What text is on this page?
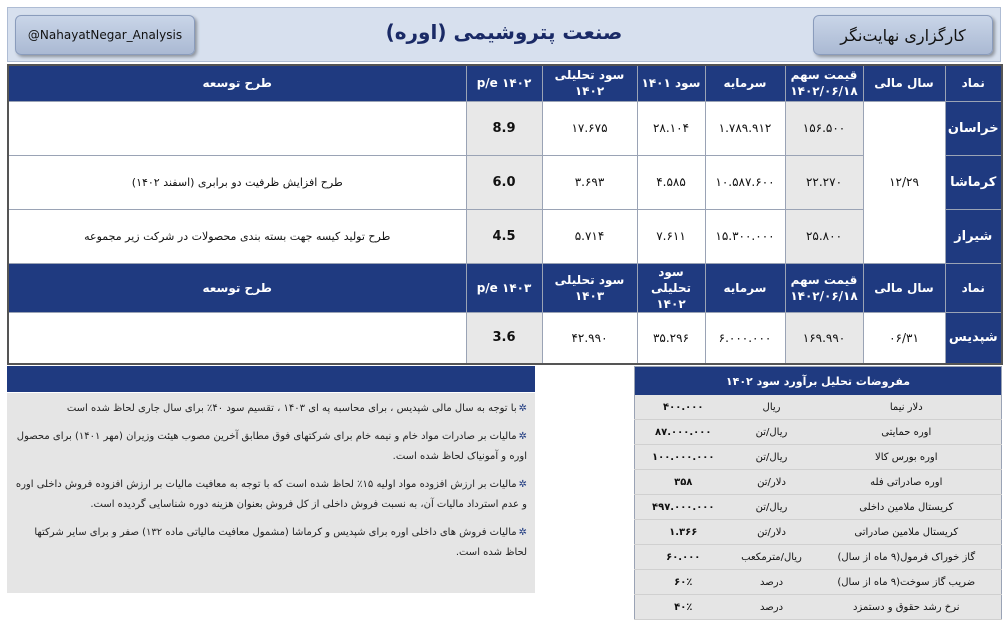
صنعت پتروشیمی (اوره)
@NahayatNegar_Analysis	کارگزاری نهایت‌نگر
نماد	سال مالی	قیمت سهم ۱۴۰۲/۰۶/۱۸	سرمایه	سود ۱۴۰۱	سود تحلیلی ۱۴۰۲	p/e ۱۴۰۲	طرح توسعه
خراسان	۱۲/۲۹	۱۵۶.۵۰۰	۱.۷۸۹.۹۱۲	۲۸.۱۰۴	۱۷.۶۷۵	8.9	
کرماشا		۲۲.۲۷۰	۱۰.۵۸۷.۶۰۰	۴.۵۸۵	۳.۶۹۳	6.0	طرح افزایش ظرفیت دو برابری (اسفند ۱۴۰۲)
شیراز		۲۵.۸۰۰	۱۵.۳۰۰.۰۰۰	۷.۶۱۱	۵.۷۱۴	4.5	طرح تولید کیسه جهت بسته بندی محصولات در شرکت زیر مجموعه
نماد	سال مالی	قیمت سهم ۱۴۰۲/۰۶/۱۸	سرمایه	سود تحلیلی ۱۴۰۲	سود تحلیلی ۱۴۰۳	p/e ۱۴۰۳	طرح توسعه
شپدیس	۰۶/۳۱	۱۶۹.۹۹۰	۶.۰۰۰.۰۰۰	۳۵.۲۹۶	۴۲.۹۹۰	3.6	

✲با توجه به سال مالی شپدیس ، برای محاسبه په ای ۱۴۰۳ ، تقسیم سود ۴۰٪ برای سال جاری لحاظ شده است

✲مالیات بر صادرات مواد خام و نیمه خام برای شرکتهای فوق مطابق آخرین مصوب هیئت وزیران (مهر ۱۴۰۱) برای محصول اوره و آمونیاک لحاظ شده است.

✲مالیات بر ارزش افزوده مواد اولیه ۱۵٪ لحاظ شده است که با توجه به معافیت مالیات بر ارزش افزوده فروش داخلی اوره و عدم استرداد مالیات آن، به نسبت فروش داخلی از کل فروش بعنوان هزینه دوره شناسایی گردیده است.

✲مالیات فروش های داخلی اوره برای شپدیس و کرماشا (مشمول معافیت مالیاتی ماده ۱۳۲) صفر و برای سایر شرکتها لحاظ شده است.

مفروضات تحلیل برآورد سود ۱۴۰۲		
دلار نیما	ریال	۴۰۰.۰۰۰
اوره حمایتی	ریال/تن	۸۷.۰۰۰.۰۰۰
اوره بورس کالا	ریال/تن	۱۰۰.۰۰۰.۰۰۰
اوره صادراتی فله	دلار/تن	۳۵۸
کریستال ملامین داخلی	ریال/تن	۴۹۷.۰۰۰.۰۰۰
کریستال ملامین صادراتی	دلار/تن	۱.۳۶۶
گاز خوراک فرمول(۹ ماه از سال)	ریال/مترمکعب	۶۰.۰۰۰
ضریب گاز سوخت(۹ ماه از سال)	درصد	۶۰٪
نرخ رشد حقوق و دستمزد	درصد	۴۰٪
